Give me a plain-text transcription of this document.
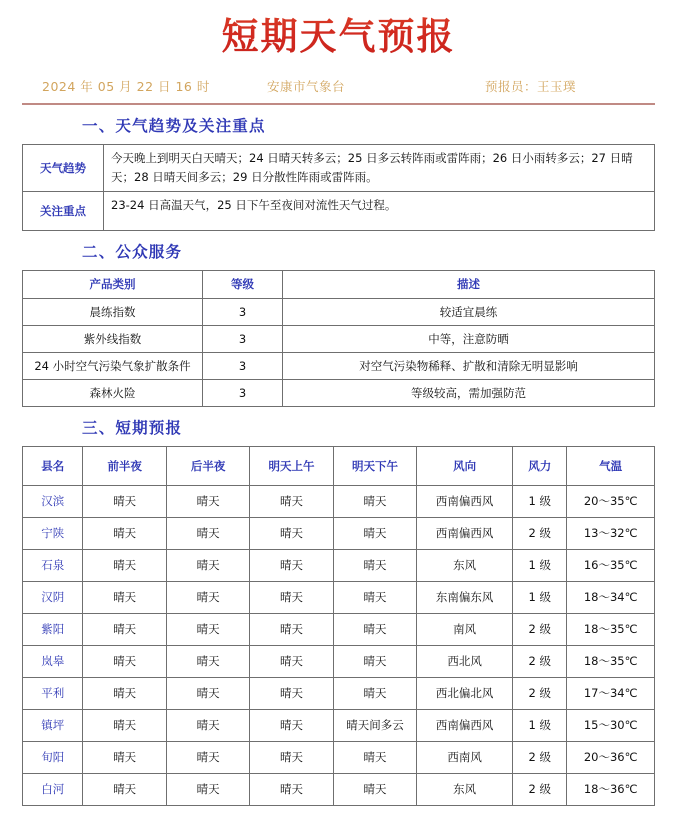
短期天气预报
2024 年 05 月 22 日 16 时	安康市气象台	预报员：王玉璞
一、天气趋势及关注重点
天气趋势	今天晚上到明天白天晴天；24 日晴天转多云；25 日多云转阵雨或雷阵雨；26 日小雨转多云；27 日晴天；28 日晴天间多云；29 日分散性阵雨或雷阵雨。
关注重点	23-24 日高温天气，25 日下午至夜间对流性天气过程。
二、公众服务
产品类别	等级	描述
晨练指数	3	较适宜晨练
紫外线指数	3	中等，注意防晒
24 小时空气污染气象扩散条件	3	对空气污染物稀释、扩散和清除无明显影响
森林火险	3	等级较高，需加强防范
三、短期预报
县名	前半夜	后半夜	明天上午	明天下午	风向	风力	气温
汉滨	晴天	晴天	晴天	晴天	西南偏西风	1 级	20～35℃
宁陕	晴天	晴天	晴天	晴天	西南偏西风	2 级	13～32℃
石泉	晴天	晴天	晴天	晴天	东风	1 级	16～35℃
汉阴	晴天	晴天	晴天	晴天	东南偏东风	1 级	18～34℃
紫阳	晴天	晴天	晴天	晴天	南风	2 级	18～35℃
岚皋	晴天	晴天	晴天	晴天	西北风	2 级	18～35℃
平利	晴天	晴天	晴天	晴天	西北偏北风	2 级	17～34℃
镇坪	晴天	晴天	晴天	晴天间多云	西南偏西风	1 级	15～30℃
旬阳	晴天	晴天	晴天	晴天	西南风	2 级	20～36℃
白河	晴天	晴天	晴天	晴天	东风	2 级	18～36℃
